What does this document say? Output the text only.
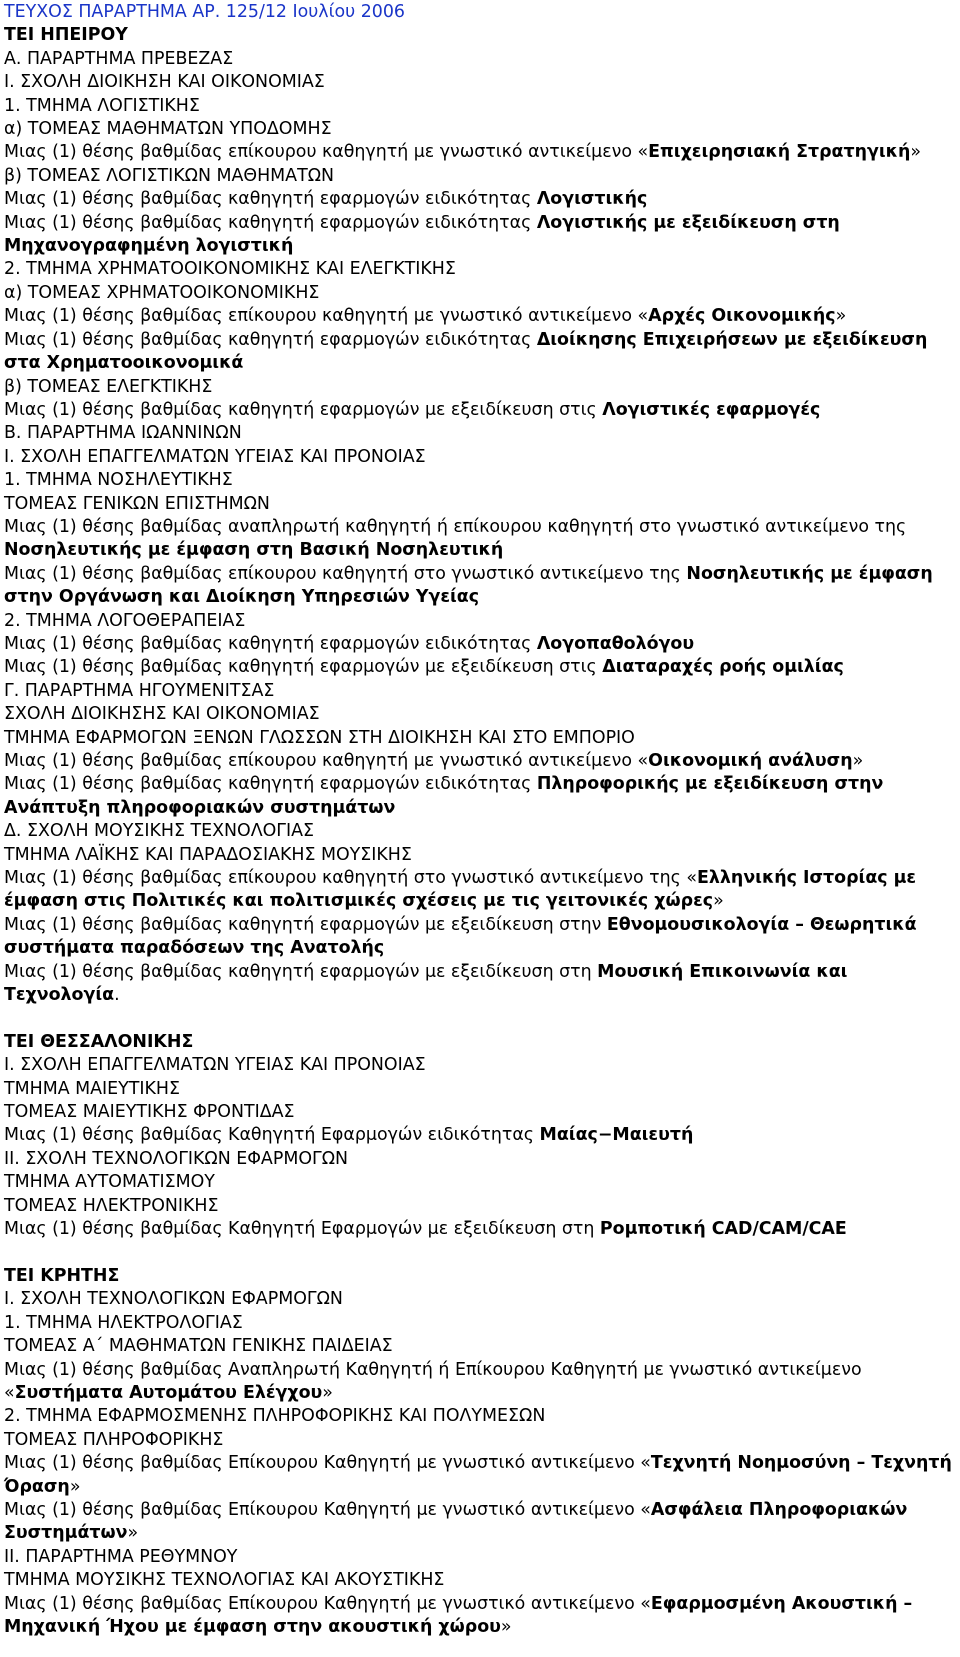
ΤΕΥΧΟΣ ΠΑΡΑΡΤΗΜΑ ΑΡ. 125/12 Ιουλίου 2006
ΤΕΙ ΗΠΕΙΡΟΥ
Α. ΠΑΡΑΡΤΗΜΑ ΠΡΕΒΕΖΑΣ
Ι. ΣΧΟΛΗ ΔΙΟΙΚΗΣΗ ΚΑΙ ΟΙΚΟΝΟΜΙΑΣ
1. ΤΜΗΜΑ ΛΟΓΙΣΤΙΚΗΣ
α) ΤΟΜΕΑΣ ΜΑΘΗΜΑΤΩΝ ΥΠΟΔΟΜΗΣ
Μιας (1) θέσης βαθμίδας επίκουρου καθηγητή με γνωστικό αντικείμενο «Επιχειρησιακή Στρατηγική»
β) ΤΟΜΕΑΣ ΛΟΓΙΣΤΙΚΩΝ ΜΑΘΗΜΑΤΩΝ
Μιας (1) θέσης βαθμίδας καθηγητή εφαρμογών ειδικότητας Λογιστικής
Μιας (1) θέσης βαθμίδας καθηγητή εφαρμογών ειδικότητας Λογιστικής με εξειδίκευση στη Μηχανογραφημένη λογιστική
2. ΤΜΗΜΑ ΧΡΗΜΑΤΟΟΙΚΟΝΟΜΙΚΗΣ ΚΑΙ ΕΛΕΓΚΤΙΚΗΣ
α) ΤΟΜΕΑΣ ΧΡΗΜΑΤΟΟΙΚΟΝΟΜΙΚΗΣ
Μιας (1) θέσης βαθμίδας επίκουρου καθηγητή με γνωστικό αντικείμενο «Αρχές Οικονομικής»
Μιας (1) θέσης βαθμίδας καθηγητή εφαρμογών ειδικότητας Διοίκησης Επιχειρήσεων με εξειδίκευση στα Χρηματοοικονομικά
β) ΤΟΜΕΑΣ ΕΛΕΓΚΤΙΚΗΣ
Μιας (1) θέσης βαθμίδας καθηγητή εφαρμογών με εξειδίκευση στις Λογιστικές εφαρμογές
Β. ΠΑΡΑΡΤΗΜΑ ΙΩΑΝΝΙΝΩΝ
Ι. ΣΧΟΛΗ ΕΠΑΓΓΕΛΜΑΤΩΝ ΥΓΕΙΑΣ ΚΑΙ ΠΡΟΝΟΙΑΣ
1. ΤΜΗΜΑ ΝΟΣΗΛΕΥΤΙΚΗΣ
ΤΟΜΕΑΣ ΓΕΝΙΚΩΝ ΕΠΙΣΤΗΜΩΝ
Μιας (1) θέσης βαθμίδας αναπληρωτή καθηγητή ή επίκουρου καθηγητή στο γνωστικό αντικείμενο της Νοσηλευτικής με έμφαση στη Βασική Νοσηλευτική
Μιας (1) θέσης βαθμίδας επίκουρου καθηγητή στο γνωστικό αντικείμενο της Νοσηλευτικής με έμφαση στην Οργάνωση και Διοίκηση Υπηρεσιών Υγείας
2. ΤΜΗΜΑ ΛΟΓΟΘΕΡΑΠΕΙΑΣ
Μιας (1) θέσης βαθμίδας καθηγητή εφαρμογών ειδικότητας Λογοπαθολόγου
Μιας (1) θέσης βαθμίδας καθηγητή εφαρμογών με εξειδίκευση στις Διαταραχές ροής ομιλίας
Γ. ΠΑΡΑΡΤΗΜΑ ΗΓΟΥΜΕΝΙΤΣΑΣ
ΣΧΟΛΗ ΔΙΟΙΚΗΣΗΣ ΚΑΙ ΟΙΚΟΝΟΜΙΑΣ
ΤΜΗΜΑ ΕΦΑΡΜΟΓΩΝ ΞΕΝΩΝ ΓΛΩΣΣΩΝ ΣΤΗ ΔΙΟΙΚΗΣΗ ΚΑΙ ΣΤΟ ΕΜΠΟΡΙΟ
Μιας (1) θέσης βαθμίδας επίκουρου καθηγητή με γνωστικό αντικείμενο «Οικονομική ανάλυση»
Μιας (1) θέσης βαθμίδας καθηγητή εφαρμογών ειδικότητας Πληροφορικής με εξειδίκευση στην Ανάπτυξη πληροφοριακών συστημάτων
Δ. ΣΧΟΛΗ ΜΟΥΣΙΚΗΣ ΤΕΧΝΟΛΟΓΙΑΣ
ΤΜΗΜΑ ΛΑΪΚΗΣ ΚΑΙ ΠΑΡΑΔΟΣΙΑΚΗΣ ΜΟΥΣΙΚΗΣ
Μιας (1) θέσης βαθμίδας επίκουρου καθηγητή στο γνωστικό αντικείμενο της «Ελληνικής Ιστορίας με έμφαση στις Πολιτικές και πολιτισμικές σχέσεις με τις γειτονικές χώρες»
Μιας (1) θέσης βαθμίδας καθηγητή εφαρμογών με εξειδίκευση στην Εθνομουσικολογία – Θεωρητικά συστήματα παραδόσεων της Ανατολής
Μιας (1) θέσης βαθμίδας καθηγητή εφαρμογών με εξειδίκευση στη Μουσική Επικοινωνία και Τεχνολογία.
ΤΕΙ ΘΕΣΣΑΛΟΝΙΚΗΣ
Ι. ΣΧΟΛΗ ΕΠΑΓΓΕΛΜΑΤΩΝ ΥΓΕΙΑΣ ΚΑΙ ΠΡΟΝΟΙΑΣ
ΤΜΗΜΑ ΜΑΙΕΥΤΙΚΗΣ
ΤΟΜΕΑΣ ΜΑΙΕΥΤΙΚΗΣ ΦΡΟΝΤΙΔΑΣ
Μιας (1) θέσης βαθμίδας Καθηγητή Εφαρμογών ειδικότητας Μαίας−Μαιευτή
ΙΙ. ΣΧΟΛΗ ΤΕΧΝΟΛΟΓΙΚΩΝ ΕΦΑΡΜΟΓΩΝ
ΤΜΗΜΑ ΑΥΤΟΜΑΤΙΣΜΟΥ
ΤΟΜΕΑΣ ΗΛΕΚΤΡΟΝΙΚΗΣ
Μιας (1) θέσης βαθμίδας Καθηγητή Εφαρμογών με εξειδίκευση στη Ρομποτική CAD/CAM/CAE
ΤΕΙ ΚΡΗΤΗΣ
Ι. ΣΧΟΛΗ ΤΕΧΝΟΛΟΓΙΚΩΝ ΕΦΑΡΜΟΓΩΝ
1. ΤΜΗΜΑ ΗΛΕΚΤΡΟΛΟΓΙΑΣ
ΤΟΜΕΑΣ Α΄ ΜΑΘΗΜΑΤΩΝ ΓΕΝΙΚΗΣ ΠΑΙΔΕΙΑΣ
Μιας (1) θέσης βαθμίδας Αναπληρωτή Καθηγητή ή Επίκουρου Καθηγητή με γνωστικό αντικείμενο «Συστήματα Αυτομάτου Ελέγχου»
2. ΤΜΗΜΑ ΕΦΑΡΜΟΣΜΕΝΗΣ ΠΛΗΡΟΦΟΡΙΚΗΣ ΚΑΙ ΠΟΛΥΜΕΣΩΝ
ΤΟΜΕΑΣ ΠΛΗΡΟΦΟΡΙΚΗΣ
Μιας (1) θέσης βαθμίδας Επίκουρου Καθηγητή με γνωστικό αντικείμενο «Τεχνητή Νοημοσύνη – Τεχνητή Όραση»
Μιας (1) θέσης βαθμίδας Επίκουρου Καθηγητή με γνωστικό αντικείμενο «Ασφάλεια Πληροφοριακών Συστημάτων»
ΙΙ. ΠΑΡΑΡΤΗΜΑ ΡΕΘΥΜΝΟΥ
ΤΜΗΜΑ ΜΟΥΣΙΚΗΣ ΤΕΧΝΟΛΟΓΙΑΣ ΚΑΙ ΑΚΟΥΣΤΙΚΗΣ
Μιας (1) θέσης βαθμίδας Επίκουρου Καθηγητή με γνωστικό αντικείμενο «Εφαρμοσμένη Ακουστική – Μηχανική Ήχου με έμφαση στην ακουστική χώρου»
